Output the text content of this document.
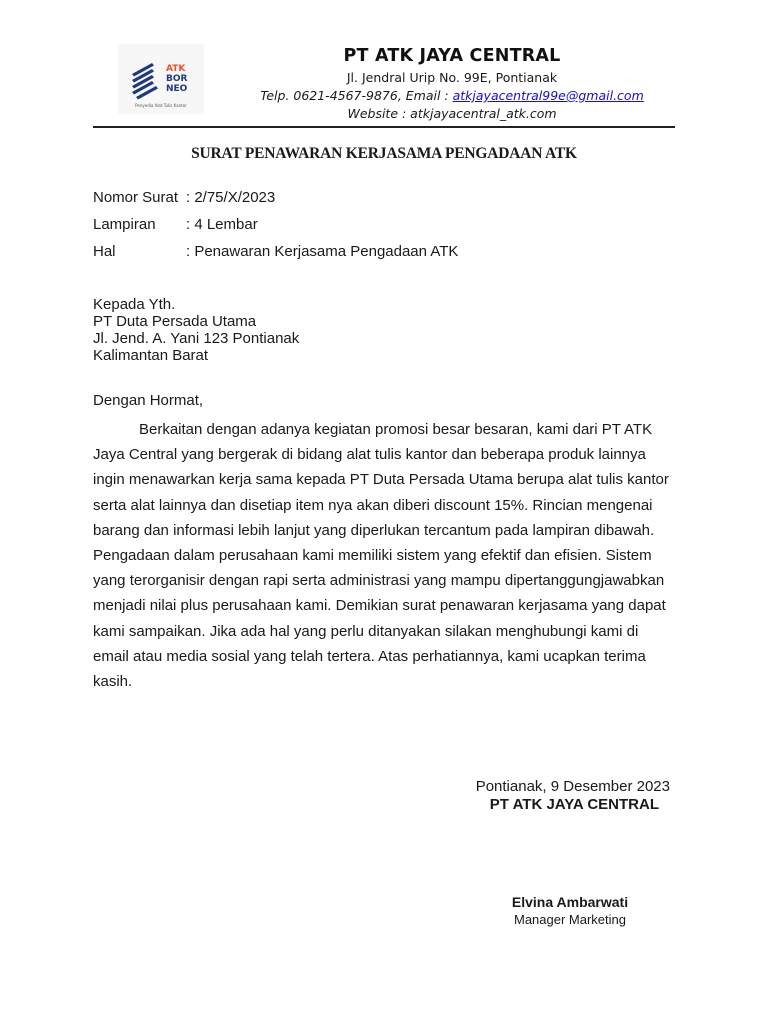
ATK
BOR
NEO
Penyedia Alat Tulis Kantor
PT ATK JAYA CENTRAL
Jl. Jendral Urip No. 99E, Pontianak
Telp. 0621-4567-9876, Email : atkjayacentral99e@gmail.com
Website : atkjayacentral_atk.com
SURAT PENAWARAN KERJASAMA PENGADAAN ATK
Nomor Surat : 2/75/X/2023
Lampiran : 4 Lembar
Hal	: Penawaran Kerjasama Pengadaan ATK
Kepada Yth.
PT Duta Persada Utama
Jl. Jend. A. Yani 123 Pontianak
Kalimantan Barat
Dengan Hormat,
Berkaitan dengan adanya kegiatan promosi besar besaran, kami dari PT ATK Jaya Central yang bergerak di bidang alat tulis kantor dan beberapa produk lainnya ingin menawarkan kerja sama kepada PT Duta Persada Utama berupa alat tulis kantor serta alat lainnya dan disetiap item nya akan diberi discount 15%. Rincian mengenai barang dan informasi lebih lanjut yang diperlukan tercantum pada lampiran dibawah. Pengadaan dalam perusahaan kami memiliki sistem yang efektif dan efisien. Sistem yang terorganisir dengan rapi serta administrasi yang mampu dipertanggungjawabkan menjadi nilai plus perusahaan kami. Demikian surat penawaran kerjasama yang dapat kami sampaikan. Jika ada hal yang perlu ditanyakan silakan menghubungi kami di email atau media sosial yang telah tertera. Atas perhatiannya, kami ucapkan terima kasih.
Pontianak, 9 Desember 2023
PT ATK JAYA CENTRAL
Elvina Ambarwati
Manager Marketing
